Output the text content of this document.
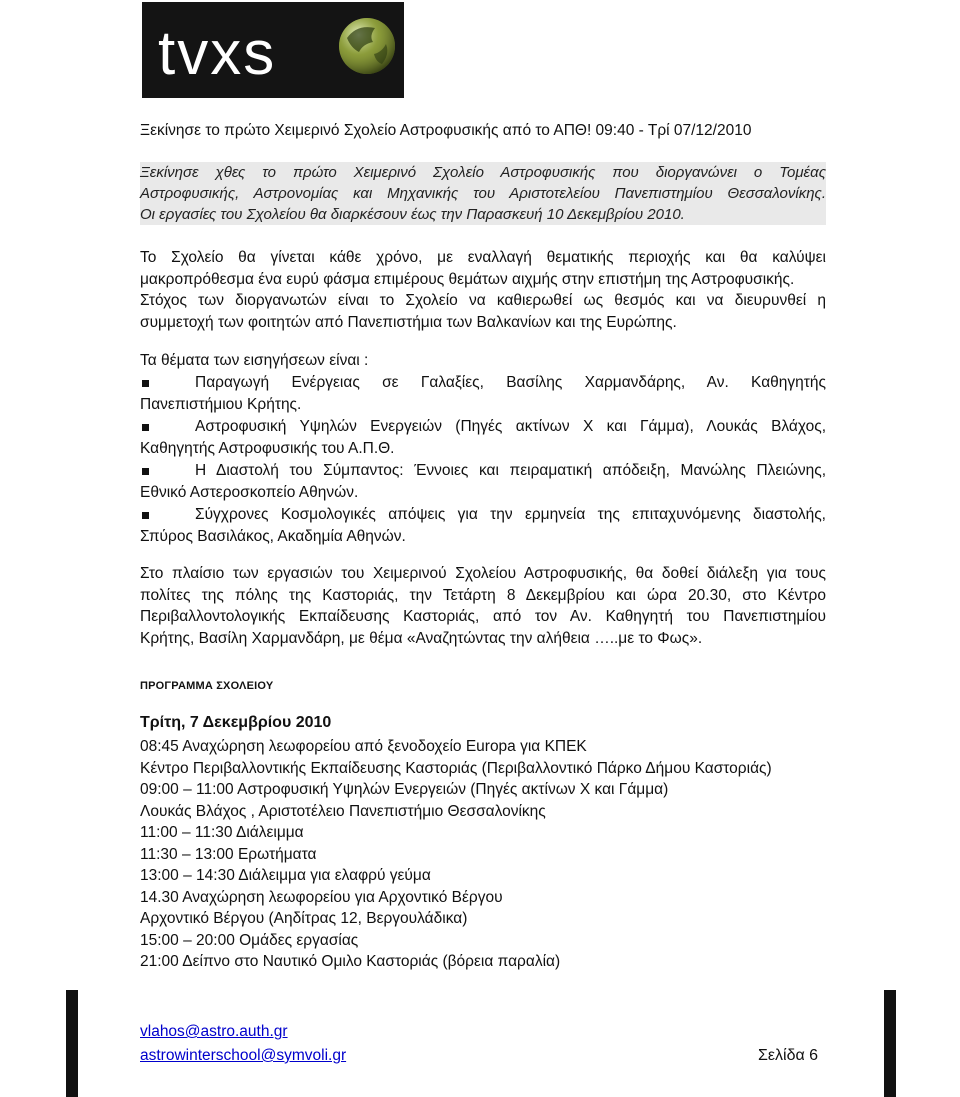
tvxs
Ξεκίνησε το πρώτο Χειμερινό Σχολείο Αστροφυσικής από το ΑΠΘ! 09:40 - Τρί 07/12/2010
Ξεκίνησε χθες το πρώτο Χειμερινό Σχολείο Αστροφυσικής που διοργανώνει ο Τομέας
Αστροφυσικής, Αστρονομίας και Μηχανικής του Αριστοτελείου Πανεπιστημίου Θεσσαλονίκης.
Οι εργασίες του Σχολείου θα διαρκέσουν έως την Παρασκευή 10 Δεκεμβρίου 2010.
Το Σχολείο θα γίνεται κάθε χρόνο, με εναλλαγή θεματικής περιοχής και θα καλύψει
μακροπρόθεσμα ένα ευρύ φάσμα επιμέρους θεμάτων αιχμής στην επιστήμη της Αστροφυσικής.
Στόχος των διοργανωτών είναι το Σχολείο να καθιερωθεί ως θεσμός και να διευρυνθεί η
συμμετοχή των φοιτητών από Πανεπιστήμια των Βαλκανίων και της Ευρώπης.
Τα θέματα των εισηγήσεων είναι :
Παραγωγή Ενέργειας σε Γαλαξίες, Βασίλης Χαρμανδάρης, Αν. Καθηγητής
Πανεπιστήμιου Κρήτης.
Αστροφυσική Υψηλών Ενεργειών (Πηγές ακτίνων Χ και Γάμμα), Λουκάς Βλάχος,
Καθηγητής Αστροφυσικής του Α.Π.Θ.
Η Διαστολή του Σύμπαντος: Έννοιες και πειραματική απόδειξη, Μανώλης Πλειώνης,
Εθνικό Αστεροσκοπείο Αθηνών.
Σύγχρονες Κοσμολογικές απόψεις για την ερμηνεία της επιταχυνόμενης διαστολής,
Σπύρος Βασιλάκος, Ακαδημία Αθηνών.
Στο πλαίσιο των εργασιών του Χειμερινού Σχολείου Αστροφυσικής, θα δοθεί διάλεξη για τους
πολίτες της πόλης της Καστοριάς, την Τετάρτη 8 Δεκεμβρίου και ώρα 20.30, στο Κέντρο
Περιβαλλοντολογικής Εκπαίδευσης Καστοριάς, από τον Αν. Καθηγητή του Πανεπιστημίου
Κρήτης, Βασίλη Χαρμανδάρη, με θέμα «Αναζητώντας την αλήθεια …..με το Φως».
ΠΡΟΓΡΑΜΜΑ ΣΧΟΛΕΙΟΥ
Τρίτη, 7 Δεκεμβρίου 2010
08:45 Αναχώρηση λεωφορείου από ξενοδοχείο Europa για ΚΠΕΚ
Κέντρο Περιβαλλοντικής Εκπαίδευσης Καστοριάς (Περιβαλλοντικό Πάρκο Δήμου Καστοριάς)
09:00 – 11:00 Αστροφυσική Υψηλών Ενεργειών (Πηγές ακτίνων Χ και Γάμμα)
Λουκάς Βλάχος , Αριστοτέλειο Πανεπιστήμιο Θεσσαλονίκης
11:00 – 11:30 Διάλειμμα
11:30 – 13:00 Ερωτήματα
13:00 – 14:30 Διάλειμμα για ελαφρύ γεύμα
14.30 Αναχώρηση λεωφορείου για Αρχοντικό Βέργου
Αρχοντικό Βέργου (Αηδίτρας 12, Βεργουλάδικα)
15:00 – 20:00 Ομάδες εργασίας
21:00 Δείπνο στο Ναυτικό Ομιλο Καστοριάς (βόρεια παραλία)
vlahos@astro.auth.gr
astrowinterschool@symvoli.gr	Σελίδα 6
